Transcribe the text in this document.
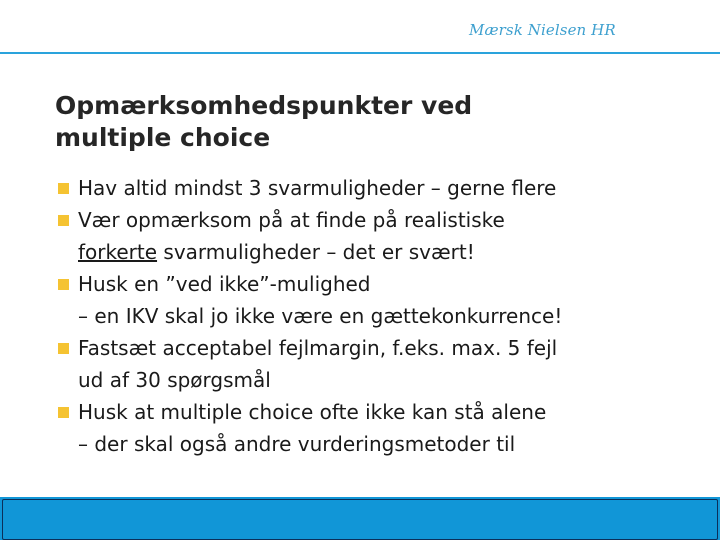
Mærsk Nielsen HR
Opmærksomhedspunkter ved
multiple choice
Hav altid mindst 3 svarmuligheder – gerne flere
Vær opmærksom på at finde på realistiske
forkerte svarmuligheder – det er svært!
Husk en ”ved ikke”-mulighed
– en IKV skal jo ikke være en gættekonkurrence!
Fastsæt acceptabel fejlmargin, f.eks. max. 5 fejl
ud af 30 spørgsmål
Husk at multiple choice ofte ikke kan stå alene
– der skal også andre vurderingsmetoder til
